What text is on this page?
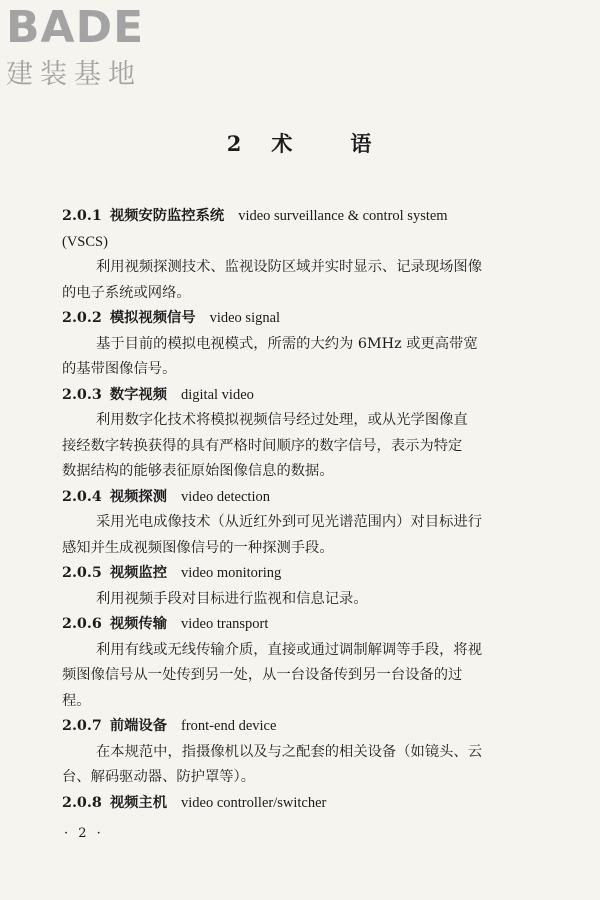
BADE
建装基地
2 术	语
2.0.1 视频安防监控系统 video surveillance & control system
(VSCS)
利用视频探测技术、监视设防区域并实时显示、记录现场图像
的电子系统或网络。
2.0.2 模拟视频信号 video signal
基于目前的模拟电视模式，所需的大约为 6MHz 或更高带宽
的基带图像信号。
2.0.3 数字视频 digital video
利用数字化技术将模拟视频信号经过处理，或从光学图像直
接经数字转换获得的具有严格时间顺序的数字信号，表示为特定
数据结构的能够表征原始图像信息的数据。
2.0.4 视频探测 video detection
采用光电成像技术（从近红外到可见光谱范围内）对目标进行
感知并生成视频图像信号的一种探测手段。
2.0.5 视频监控 video monitoring
利用视频手段对目标进行监视和信息记录。
2.0.6 视频传输 video transport
利用有线或无线传输介质，直接或通过调制解调等手段，将视
频图像信号从一处传到另一处，从一台设备传到另一台设备的过
程。
2.0.7 前端设备 front-end device
在本规范中，指摄像机以及与之配套的相关设备（如镜头、云
台、解码驱动器、防护罩等）。
2.0.8 视频主机 video controller/switcher
· 2 ·
